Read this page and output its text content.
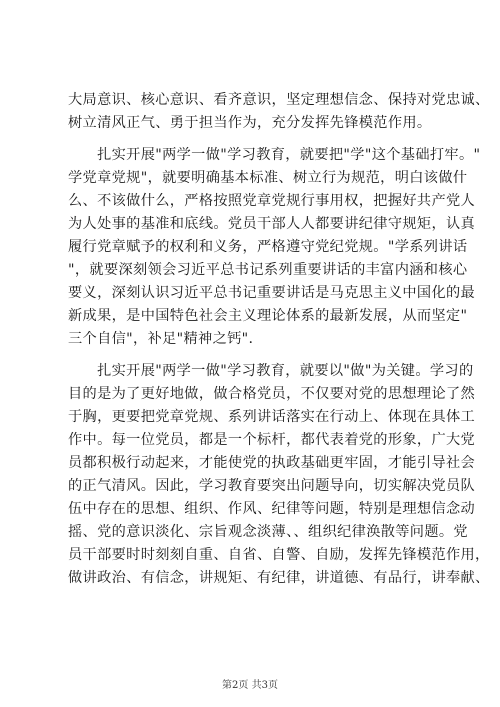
大局意识、核心意识、看齐意识，坚定理想信念、保持对党忠诚、
树立清风正气、勇于担当作为，充分发挥先锋模范作用。
　　扎实开展"两学一做"学习教育，就要把"学"这个基础打牢。"
学党章党规"，就要明确基本标准、树立行为规范，明白该做什
么、不该做什么，严格按照党章党规行事用权，把握好共产党人
为人处事的基准和底线。党员干部人人都要讲纪律守规矩，认真
履行党章赋予的权利和义务，严格遵守党纪党规。"学系列讲话
"，就要深刻领会习近平总书记系列重要讲话的丰富内涵和核心
要义，深刻认识习近平总书记重要讲话是马克思主义中国化的最
新成果，是中国特色社会主义理论体系的最新发展，从而坚定"
三个自信"，补足"精神之钙".
　　扎实开展"两学一做"学习教育，就要以"做"为关键。学习的
目的是为了更好地做，做合格党员，不仅要对党的思想理论了然
于胸，更要把党章党规、系列讲话落实在行动上、体现在具体工
作中。每一位党员，都是一个标杆，都代表着党的形象，广大党
员都积极行动起来，才能使党的执政基础更牢固，才能引导社会
的正气清风。因此，学习教育要突出问题导向，切实解决党员队
伍中存在的思想、组织、作风、纪律等问题，特别是理想信念动
摇、党的意识淡化、宗旨观念淡薄、、组织纪律涣散等问题。党
员干部要时时刻刻自重、自省、自警、自励，发挥先锋模范作用，
做讲政治、有信念，讲规矩、有纪律，讲道德、有品行，讲奉献、
第2页 共3页
